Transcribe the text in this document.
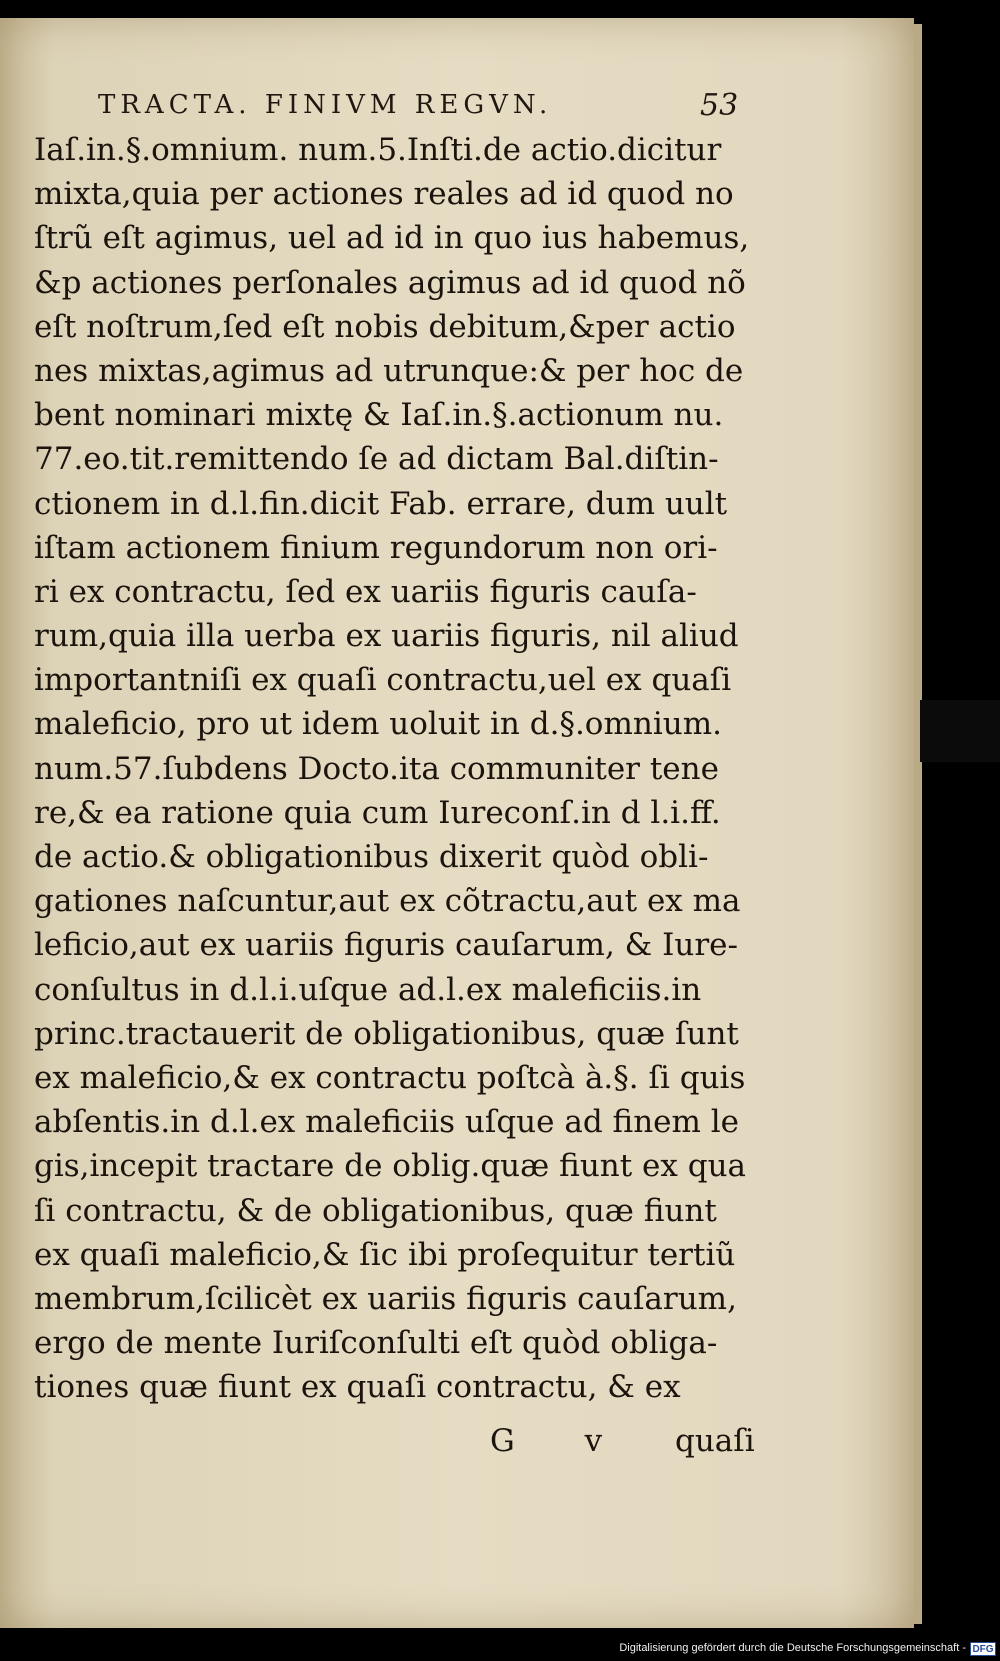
TRACTA. FINIVM REGVN.	53
Iaſ.in.§.omnium. num.5.Inſti.de actio.dicitur
mixta,quia per actiones reales ad id quod no
ſtrũ eſt agimus, uel ad id in quo ius habemus,
&p actiones perſonales agimus ad id quod nõ
eſt noſtrum,ſed eſt nobis debitum,&per actio
nes mixtas,agimus ad utrunque:& per hoc de
bent nominari mixtę & Iaſ.in.§.actionum nu.
77.eo.tit.remittendo ſe ad dictam Bal.diſtin-
ctionem in d.l.fin.dicit Fab. errare, dum uult
iſtam actionem finium regundorum non ori-
ri ex contractu, ſed ex uariis figuris cauſa-
rum,quia illa uerba ex uariis figuris, nil aliud
importantniſi ex quaſi contractu,uel ex quaſi
maleficio, pro ut idem uoluit in d.§.omnium.
num.57.ſubdens Docto.ita communiter tene
re,& ea ratione quia cum Iureconſ.in d l.i.ff.
de actio.& obligationibus dixerit quòd obli-
gationes naſcuntur,aut ex cõtractu,aut ex ma
leficio,aut ex uariis figuris cauſarum, & Iure-
conſultus in d.l.i.uſque ad.l.ex maleficiis.in
princ.tractauerit de obligationibus, quæ ſunt
ex maleficio,& ex contractu poſtcà à.§. ſi quis
abſentis.in d.l.ex maleficiis uſque ad finem le
gis,incepit tractare de oblig.quæ fiunt ex qua
ſi contractu, & de obligationibus, quæ fiunt
ex quaſi maleficio,& ſic ibi proſequitur tertiũ
membrum,ſcilicèt ex uariis figuris cauſarum,
ergo de mente Iuriſconſulti eſt quòd obliga-
tiones quæ fiunt ex quaſi contractu, & ex
G v quaſi
Digitalisierung gefördert durch die Deutsche Forschungsgemeinschaft - DFG
